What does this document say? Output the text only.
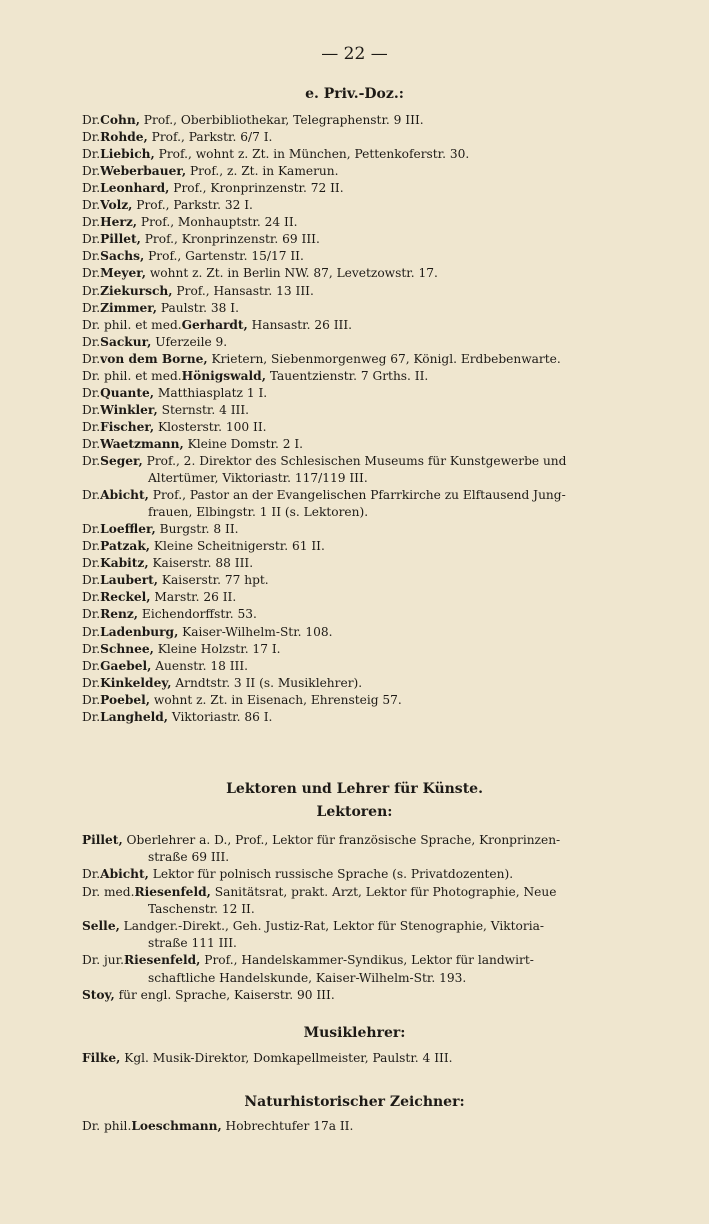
— 22 —
e. Priv.-Doz.:
Lektoren und Lehrer für Künste.
Lektoren:
Musiklehrer:
Naturhistorischer Zeichner:
Dr.Cohn, Prof., Oberbibliothekar, Telegraphenstr. 9 III.
Dr.Rohde, Prof., Parkstr. 6/7 I.
Dr.Liebich, Prof., wohnt z. Zt. in München, Pettenkoferstr. 30.
Dr.Weberbauer, Prof., z. Zt. in Kamerun.
Dr.Leonhard, Prof., Kronprinzenstr. 72 II.
Dr.Volz, Prof., Parkstr. 32 I.
Dr.Herz, Prof., Monhauptstr. 24 II.
Dr.Pillet, Prof., Kronprinzenstr. 69 III.
Dr.Sachs, Prof., Gartenstr. 15/17 II.
Dr.Meyer, wohnt z. Zt. in Berlin NW. 87, Levetzowstr. 17.
Dr.Ziekursch, Prof., Hansastr. 13 III.
Dr.Zimmer, Paulstr. 38 I.
Dr. phil. et med.Gerhardt, Hansastr. 26 III.
Dr.Sackur, Uferzeile 9.
Dr.von dem Borne, Krietern, Siebenmorgenweg 67, Königl. Erdbebenwarte.
Dr. phil. et med.Hönigswald, Tauentzienstr. 7 Grths. II.
Dr.Quante, Matthiasplatz 1 I.
Dr.Winkler, Sternstr. 4 III.
Dr.Fischer, Klosterstr. 100 II.
Dr.Waetzmann, Kleine Domstr. 2 I.
Dr.Seger, Prof., 2. Direktor des Schlesischen Museums für Kunstgewerbe und
Altertümer, Viktoriastr. 117/119 III.
Dr.Abicht, Prof., Pastor an der Evangelischen Pfarrkirche zu Elftausend Jung-
frauen, Elbingstr. 1 II (s. Lektoren).
Dr.Loeffler, Burgstr. 8 II.
Dr.Patzak, Kleine Scheitnigerstr. 61 II.
Dr.Kabitz, Kaiserstr. 88 III.
Dr.Laubert, Kaiserstr. 77 hpt.
Dr.Reckel, Marstr. 26 II.
Dr.Renz, Eichendorffstr. 53.
Dr.Ladenburg, Kaiser-Wilhelm-Str. 108.
Dr.Schnee, Kleine Holzstr. 17 I.
Dr.Gaebel, Auenstr. 18 III.
Dr.Kinkeldey, Arndtstr. 3 II (s. Musiklehrer).
Dr.Poebel, wohnt z. Zt. in Eisenach, Ehrensteig 57.
Dr.Langheld, Viktoriastr. 86 I.
Pillet, Oberlehrer a. D., Prof., Lektor für französische Sprache, Kronprinzen-
straße 69 III.
Dr.Abicht, Lektor für polnisch russische Sprache (s. Privatdozenten).
Dr. med.Riesenfeld, Sanitätsrat, prakt. Arzt, Lektor für Photographie, Neue
Taschenstr. 12 II.
Selle, Landger.-Direkt., Geh. Justiz-Rat, Lektor für Stenographie, Viktoria-
straße 111 III.
Dr. jur.Riesenfeld, Prof., Handelskammer-Syndikus, Lektor für landwirt-
schaftliche Handelskunde, Kaiser-Wilhelm-Str. 193.
Stoy, für engl. Sprache, Kaiserstr. 90 III.
Filke, Kgl. Musik-Direktor, Domkapellmeister, Paulstr. 4 III.
Dr. phil.Loeschmann, Hobrechtufer 17a II.
